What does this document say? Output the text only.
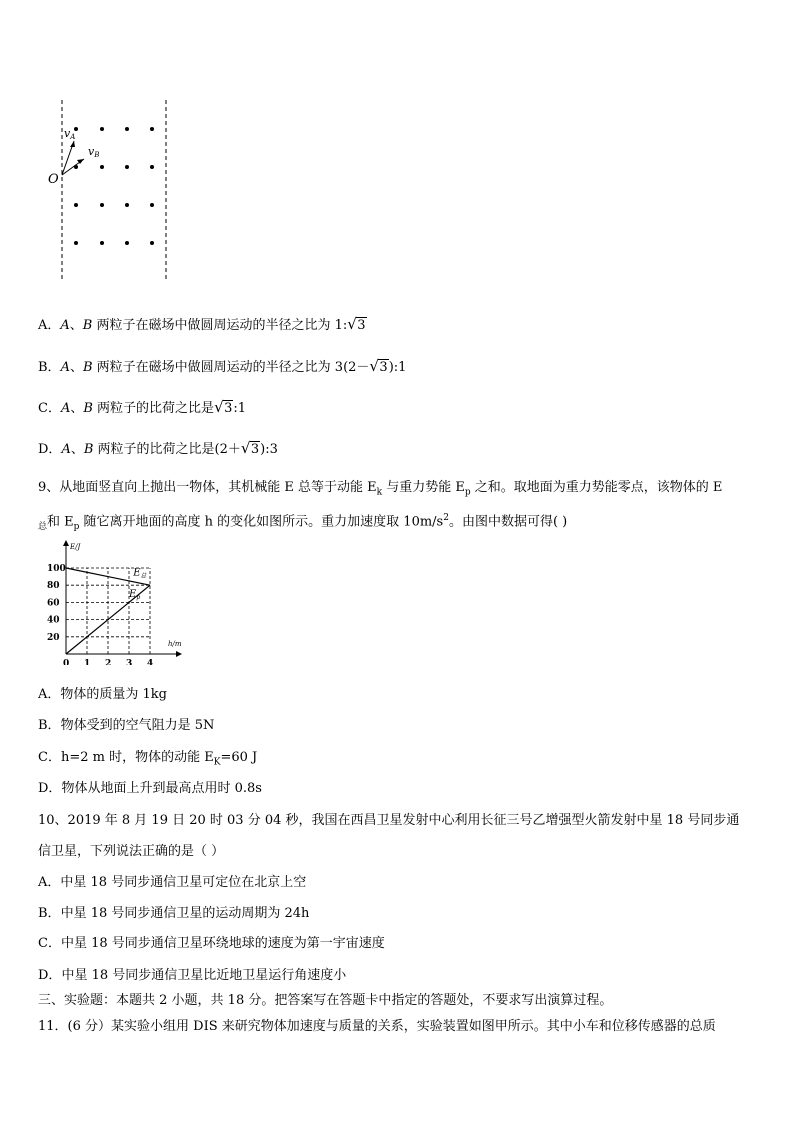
O
vA
vB
A．A、B 两粒子在磁场中做圆周运动的半径之比为 1: √ 3
B．A、B 两粒子在磁场中做圆周运动的半径之比为 3(2－ √ 3):1
C．A、B 两粒子的比荷之比是 √ 3:1
D．A、B 两粒子的比荷之比是(2＋ √ 3):3
9、从地面竖直向上抛出一物体，其机械能 E 总等于动能 $E_k$ 与重力势能 $E_p$ 之和。取地面为重力势能零点，该物体的 E
$_总$和 $E_p$ 随它离开地面的高度 h 的变化如图所示。重力加速度取 $10m/s^2$。由图中数据可得( )
0 1 2 3 4
20
40
60
80
100
E/J
h/m
$E_总$
$E_p$
A．物体的质量为 1kg
B．物体受到的空气阻力是 5N
C．h=2 m 时，物体的动能 $E_K=60$ J
D．物体从地面上升到最高点用时 0.8s
10、2019 年 8 月 19 日 20 时 03 分 04 秒，我国在西昌卫星发射中心利用长征三号乙增强型火箭发射中星 18 号同步通
信卫星，下列说法正确的是（ ）
A．中星 18 号同步通信卫星可定位在北京上空
B．中星 18 号同步通信卫星的运动周期为 24h
C．中星 18 号同步通信卫星环绕地球的速度为第一宇宙速度
D．中星 18 号同步通信卫星比近地卫星运行角速度小
三、实验题：本题共 2 小题，共 18 分。把答案写在答题卡中指定的答题处，不要求写出演算过程。
11．(6 分）某实验小组用 DIS 来研究物体加速度与质量的关系，实验装置如图甲所示。其中小车和位移传感器的总质
